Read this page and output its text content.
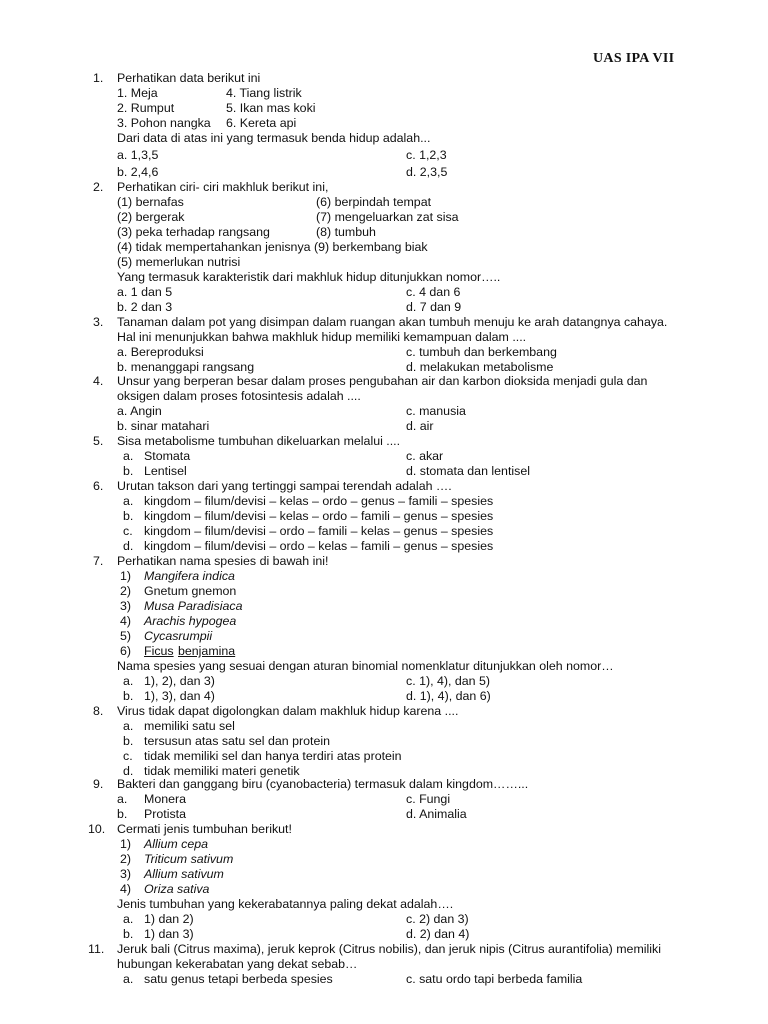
UAS IPA VII
1. Perhatikan data berikut ini
1. Meja	4. Tiang listrik
2. Rumput	5. Ikan mas koki
3. Pohon nangka 6. Kereta api
Dari data di atas ini yang termasuk benda hidup adalah...
a. 1,3,5	c. 1,2,3
b. 2,4,6	d. 2,3,5
2. Perhatikan ciri- ciri makhluk berikut ini,
(1) bernafas	(6) berpindah tempat
(2) bergerak	(7) mengeluarkan zat sisa
(3) peka terhadap rangsang	(8) tumbuh
(4) tidak mempertahankan jenisnya (9) berkembang biak
(5) memerlukan nutrisi
Yang termasuk karakteristik dari makhluk hidup ditunjukkan nomor…..
a. 1 dan 5	c. 4 dan 6
b. 2 dan 3	d. 7 dan 9
3. Tanaman dalam pot yang disimpan dalam ruangan akan tumbuh menuju ke arah datangnya cahaya.
Hal ini menunjukkan bahwa makhluk hidup memiliki kemampuan dalam ....
a. Bereproduksi	c. tumbuh dan berkembang
b. menanggapi rangsang	d. melakukan metabolisme
4. Unsur yang berperan besar dalam proses pengubahan air dan karbon dioksida menjadi gula dan
oksigen dalam proses fotosintesis adalah ....
a. Angin	c. manusia
b. sinar matahari	d. air
5. Sisa metabolisme tumbuhan dikeluarkan melalui ....
a. Stomata	c. akar
b. Lentisel	d. stomata dan lentisel
6. Urutan takson dari yang tertinggi sampai terendah adalah ….
a. kingdom – filum/devisi – kelas – ordo – genus – famili – spesies
b. kingdom – filum/devisi – kelas – ordo – famili – genus – spesies
c. kingdom – filum/devisi – ordo – famili – kelas – genus – spesies
d. kingdom – filum/devisi – ordo – kelas – famili – genus – spesies
7. Perhatikan nama spesies di bawah ini!
1) Mangifera indica
2) Gnetum gnemon
3) Musa Paradisiaca
4) Arachis hypogea
5) Cycasrumpii
6) Ficus benjamina
Nama spesies yang sesuai dengan aturan binomial nomenklatur ditunjukkan oleh nomor…
a. 1), 2), dan 3)	c. 1), 4), dan 5)
b. 1), 3), dan 4)	d. 1), 4), dan 6)
8. Virus tidak dapat digolongkan dalam makhluk hidup karena ....
a. memiliki satu sel
b. tersusun atas satu sel dan protein
c. tidak memiliki sel dan hanya terdiri atas protein
d. tidak memiliki materi genetik
9. Bakteri dan ganggang biru (cyanobacteria) termasuk dalam kingdom……...
a. Monera	c. Fungi
b. Protista	d. Animalia
10. Cermati jenis tumbuhan berikut!
1) Allium cepa
2) Triticum sativum
3) Allium sativum
4) Oriza sativa
Jenis tumbuhan yang kekerabatannya paling dekat adalah….
a. 1) dan 2)	c. 2) dan 3)
b. 1) dan 3)	d. 2) dan 4)
11. Jeruk bali (Citrus maxima), jeruk keprok (Citrus nobilis), dan jeruk nipis (Citrus aurantifolia) memiliki
hubungan kekerabatan yang dekat sebab…
a. satu genus tetapi berbeda spesies	c. satu ordo tapi berbeda familia
